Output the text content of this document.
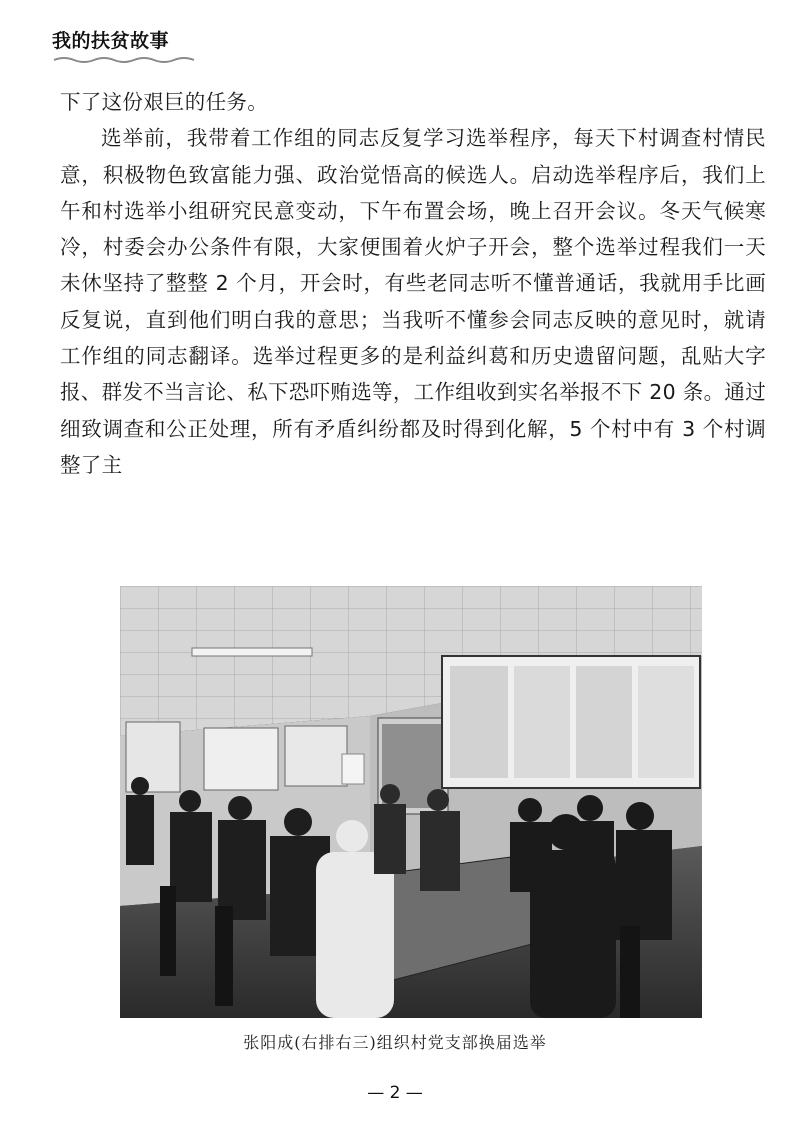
我的扶贫故事

下了这份艰巨的任务。

选举前，我带着工作组的同志反复学习选举程序，每天下村调查村情民意，积极物色致富能力强、政治觉悟高的候选人。启动选举程序后，我们上午和村选举小组研究民意变动，下午布置会场，晚上召开会议。冬天气候寒冷，村委会办公条件有限，大家便围着火炉子开会，整个选举过程我们一天未休坚持了整整 2 个月，开会时，有些老同志听不懂普通话，我就用手比画反复说，直到他们明白我的意思；当我听不懂参会同志反映的意见时，就请工作组的同志翻译。选举过程更多的是利益纠葛和历史遗留问题，乱贴大字报、群发不当言论、私下恐吓贿选等，工作组收到实名举报不下 20 条。通过细致调查和公正处理，所有矛盾纠纷都及时得到化解，5 个村中有 3 个村调整了主

张阳成(右排右三)组织村党支部换届选举
— 2 —
